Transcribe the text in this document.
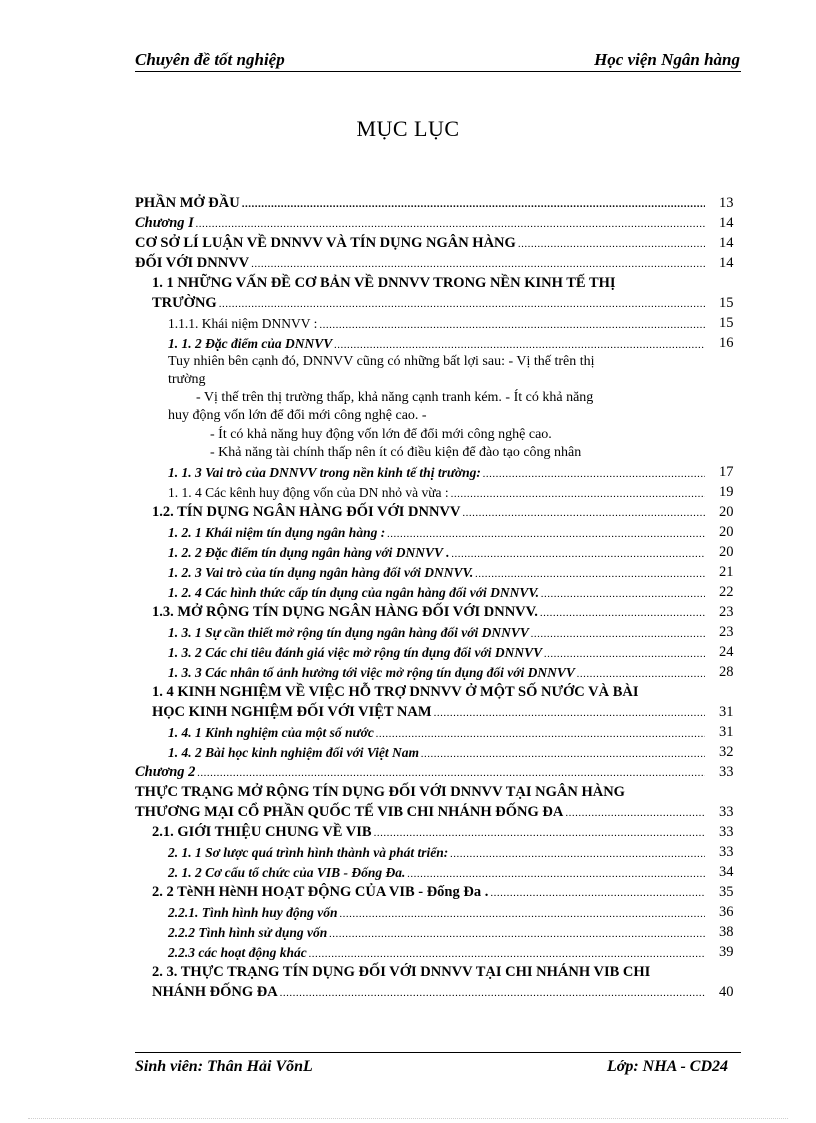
Chuyên đề tốt nghiệp	Học viện Ngân hàng
MỤC LỤC
PHẦN MỞ ĐẦU .....	13
Chương I .....	14
CƠ SỞ LÍ LUẬN VỀ DNNVV VÀ TÍN DỤNG NGÂN HÀNG .....	14
ĐỐI VỚI DNNVV .....	14
1. 1 NHỮNG VẤN ĐỀ CƠ BẢN VỀ DNNVV TRONG NỀN KINH TẾ THỊ
TRƯỜNG .....	15
1.1.1. Khái niệm DNNVV : .....	15
1. 1. 2 Đặc điểm của DNNVV .....	16
Tuy nhiên bên cạnh đó, DNNVV cũng có những bất lợi sau: - Vị thế trên thị
trường
- Vị thế trên thị trường thấp, khả năng cạnh tranh kém. - Ít có khả năng
huy động vốn lớn để đổi mới công nghệ cao. -
- Ít có khả năng huy động vốn lớn để đổi mới công nghệ cao.
- Khả năng tài chính thấp nên ít có điều kiện để đào tạo công nhân
1. 1. 3 Vai trò của DNNVV trong nền kinh tế thị trường: .....	17
1. 1. 4 Các kênh huy động vốn của DN nhỏ và vừa : .....	19
1.2. TÍN DỤNG NGÂN HÀNG ĐỐI VỚI DNNVV .....	20
1. 2. 1 Khái niệm tín dụng ngân hàng : .....	20
1. 2. 2 Đặc điểm tín dụng ngân hàng với DNNVV . .....	20
1. 2. 3 Vai trò của tín dụng ngân hàng đối với DNNVV. .....	21
1. 2. 4 Các hình thức cấp tín dụng của ngân hàng đối với DNNVV. .....	22
1.3. MỞ RỘNG TÍN DỤNG NGÂN HÀNG ĐỐI VỚI DNNVV. .....	23
1. 3. 1 Sự cần thiết mở rộng tín dụng ngân hàng đối với DNNVV .....	23
1. 3. 2 Các chỉ tiêu đánh giá việc mở rộng tín dụng đối với DNNVV .....	24
1. 3. 3 Các nhân tố ảnh hưởng tới việc mở rộng tín dụng đối với DNNVV .....	28
1. 4 KINH NGHIỆM VỀ VIỆC HỖ TRỢ DNNVV Ở MỘT SỐ NƯỚC VÀ BÀI
HỌC KINH NGHIỆM ĐỐI VỚI VIỆT NAM .....	31
1. 4. 1 Kinh nghiệm của một số nước .....	31
1. 4. 2 Bài học kinh nghiệm đối với Việt Nam .....	32
Chương 2 .....	33
THỰC TRẠNG MỞ RỘNG TÍN DỤNG ĐỐI VỚI DNNVV TẠI NGÂN HÀNG
THƯƠNG MẠI CỔ PHẦN QUỐC TẾ VIB CHI NHÁNH ĐỐNG ĐA .....	33
2.1. GIỚI THIỆU CHUNG VỀ VIB .....	33
2. 1. 1 Sơ lược quá trình hình thành và phát triển: .....	33
2. 1. 2 Cơ cấu tổ chức của VIB - Đống Đa. .....	34
2. 2 TèNH HèNH HOẠT ĐỘNG CỦA VIB - Đống Đa . .....	35
2.2.1. Tình hình huy động vốn .....	36
2.2.2 Tình hình sử dụng vốn .....	38
2.2.3 các hoạt động khác .....	39
2. 3. THỰC TRẠNG TÍN DỤNG ĐỐI VỚI DNNVV TẠI CHI NHÁNH VIB CHI
NHÁNH ĐỐNG ĐA .....	40
Sinh viên: Thân Hải VõnL	Lớp: NHA - CD24
